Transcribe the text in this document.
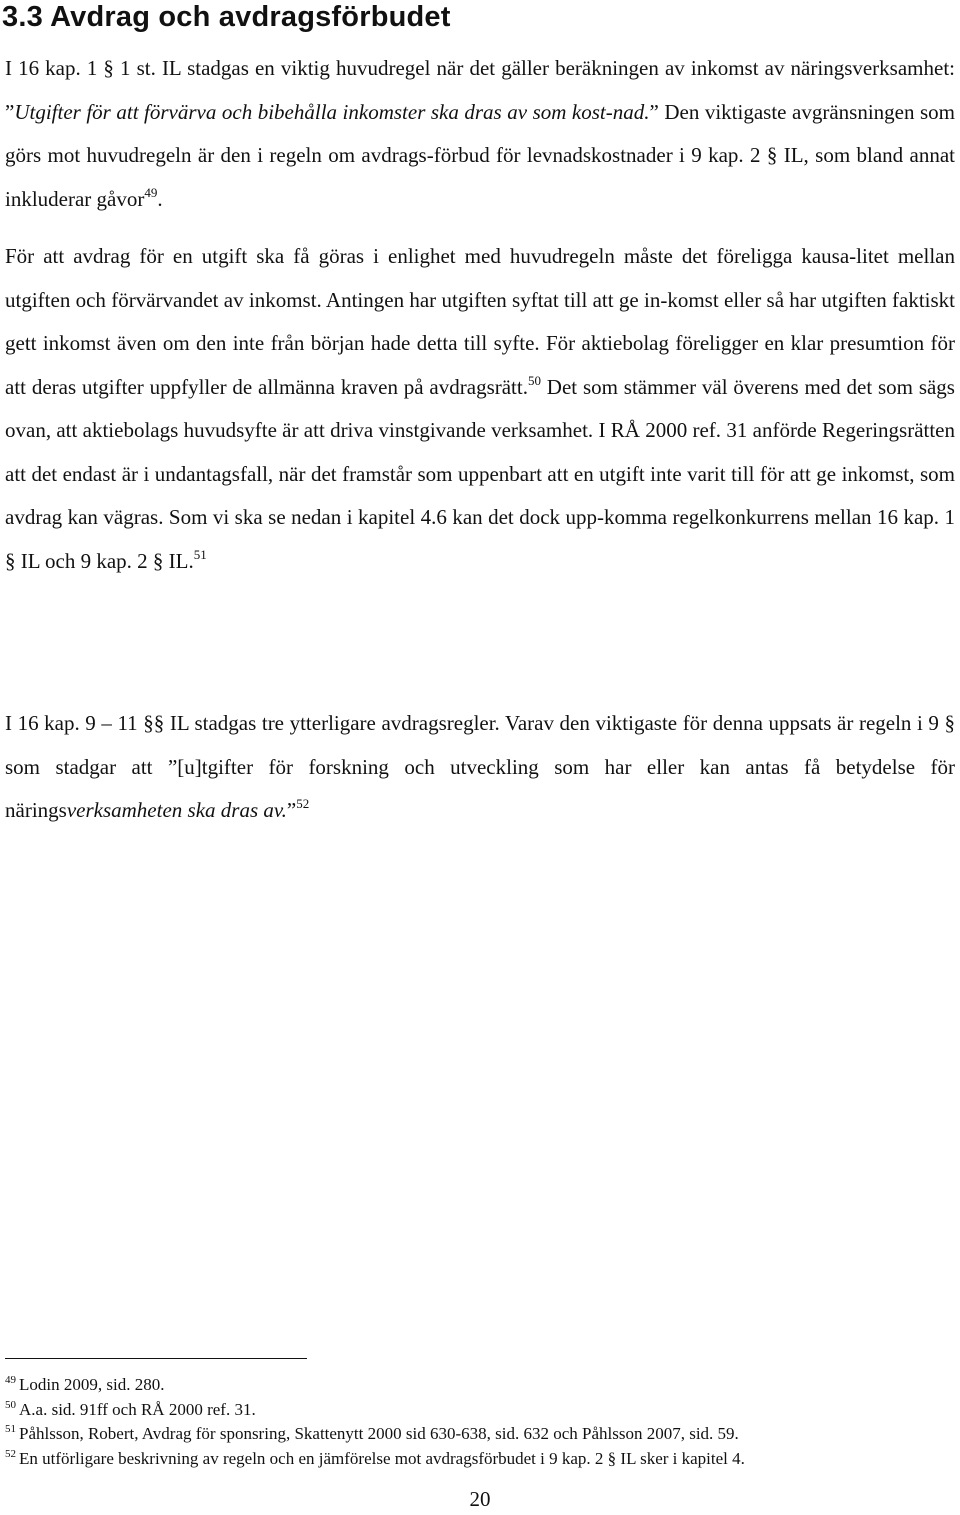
3.3 Avdrag och avdragsförbudet

I 16 kap. 1 § 1 st. IL stadgas en viktig huvudregel när det gäller beräkningen av inkomst av näringsverksamhet: ”Utgifter för att förvärva och bibehålla inkomster ska dras av som kost-nad.” Den viktigaste avgränsningen som görs mot huvudregeln är den i regeln om avdrags-förbud för levnadskostnader i 9 kap. 2 § IL, som bland annat inkluderar gåvor$^{49}$.

För att avdrag för en utgift ska få göras i enlighet med huvudregeln måste det föreligga kausa-litet mellan utgiften och förvärvandet av inkomst. Antingen har utgiften syftat till att ge in-komst eller så har utgiften faktiskt gett inkomst även om den inte från början hade detta till syfte. För aktiebolag föreligger en klar presumtion för att deras utgifter uppfyller de allmänna kraven på avdragsrätt.$^{50}$ Det som stämmer väl överens med det som sägs ovan, att aktiebolags huvudsyfte är att driva vinstgivande verksamhet. I RÅ 2000 ref. 31 anförde Regeringsrätten att det endast är i undantagsfall, när det framstår som uppenbart att en utgift inte varit till för att ge inkomst, som avdrag kan vägras. Som vi ska se nedan i kapitel 4.6 kan det dock upp-komma regelkonkurrens mellan 16 kap. 1 § IL och 9 kap. 2 § IL.$^{51}$

I 16 kap. 9 – 11 §§ IL stadgas tre ytterligare avdragsregler. Varav den viktigaste för denna uppsats är regeln i 9 § som stadgar att ”[u]tgifter för forskning och utveckling som har eller kan antas få betydelse för näringsverksamheten ska dras av.”$^{52}$

$^{49}$ Lodin 2009, sid. 280.
$^{50}$ A.a. sid. 91ff och RÅ 2000 ref. 31.
$^{51}$ Påhlsson, Robert, Avdrag för sponsring, Skattenytt 2000 sid 630-638, sid. 632 och Påhlsson 2007, sid. 59.
$^{52}$ En utförligare beskrivning av regeln och en jämförelse mot avdragsförbudet i 9 kap. 2 § IL sker i kapitel 4.
20
